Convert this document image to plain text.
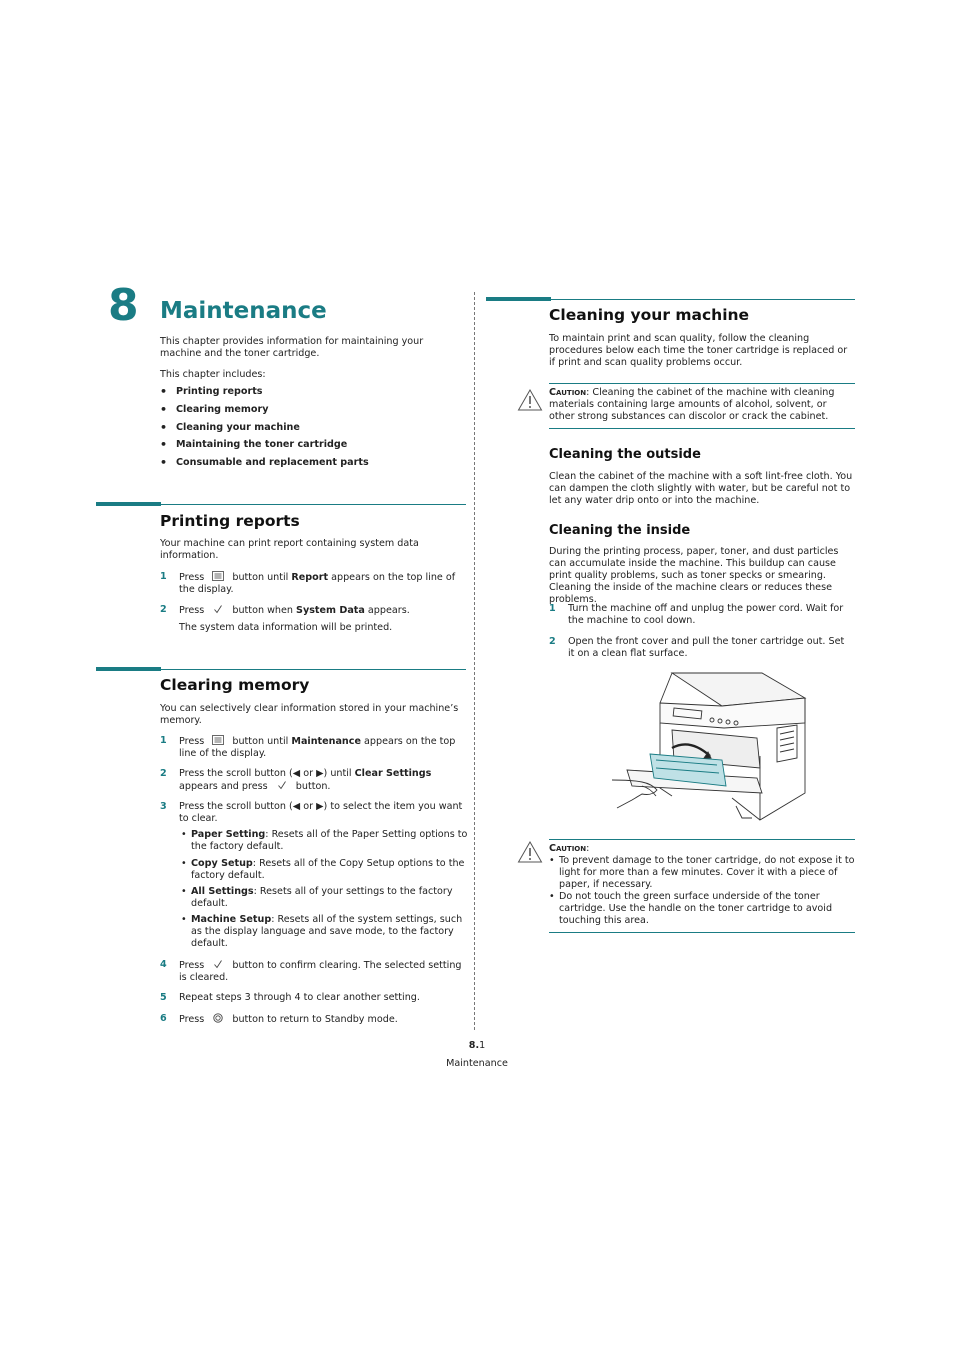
8 Maintenance

This chapter provides information for maintaining your machine and the toner cartridge.

This chapter includes:

• Printing reports
• Clearing memory
• Cleaning your machine
• Maintaining the toner cartridge
• Consumable and replacement parts
Printing reports

Your machine can print report containing system data information.

1 Press	button until Report appears on the top line of the display.
2 Press	button when System Data appears.

The system data information will be printed.

Clearing memory

You can selectively clear information stored in your machine’s memory.

1 Press	button until Maintenance appears on the top line of the display.
2 Press the scroll button (◀ or ▶) until Clear Settings appears and press	button.
3 Press the scroll button (◀ or ▶) to select the item you want to clear.
• Paper Setting: Resets all of the Paper Setting options to the factory default.
• Copy Setup: Resets all of the Copy Setup options to the factory default.
• All Settings: Resets all of your settings to the factory default.
• Machine Setup: Resets all of the system settings, such as the display language and save mode, to the factory default.
4 Press	button to confirm clearing. The selected setting is cleared.
5 Repeat steps 3 through 4 to clear another setting.
6 Press	button to return to Standby mode.
Cleaning your machine

To maintain print and scan quality, follow the cleaning procedures below each time the toner cartridge is replaced or if print and scan quality problems occur.

Caution: Cleaning the cabinet of the machine with cleaning materials containing large amounts of alcohol, solvent, or other strong substances can discolor or crack the cabinet.

Cleaning the outside

Clean the cabinet of the machine with a soft lint-free cloth. You can dampen the cloth slightly with water, but be careful not to let any water drip onto or into the machine.

Cleaning the inside

During the printing process, paper, toner, and dust particles can accumulate inside the machine. This buildup can cause print quality problems, such as toner specks or smearing. Cleaning the inside of the machine clears or reduces these problems.

1 Turn the machine off and unplug the power cord. Wait for the machine to cool down.
2 Open the front cover and pull the toner cartridge out. Set it on a clean flat surface.

Caution:

• To prevent damage to the toner cartridge, do not expose it to light for more than a few minutes. Cover it with a piece of paper, if necessary.
• Do not touch the green surface underside of the toner cartridge. Use the handle on the toner cartridge to avoid touching this area.
8.1
Maintenance
